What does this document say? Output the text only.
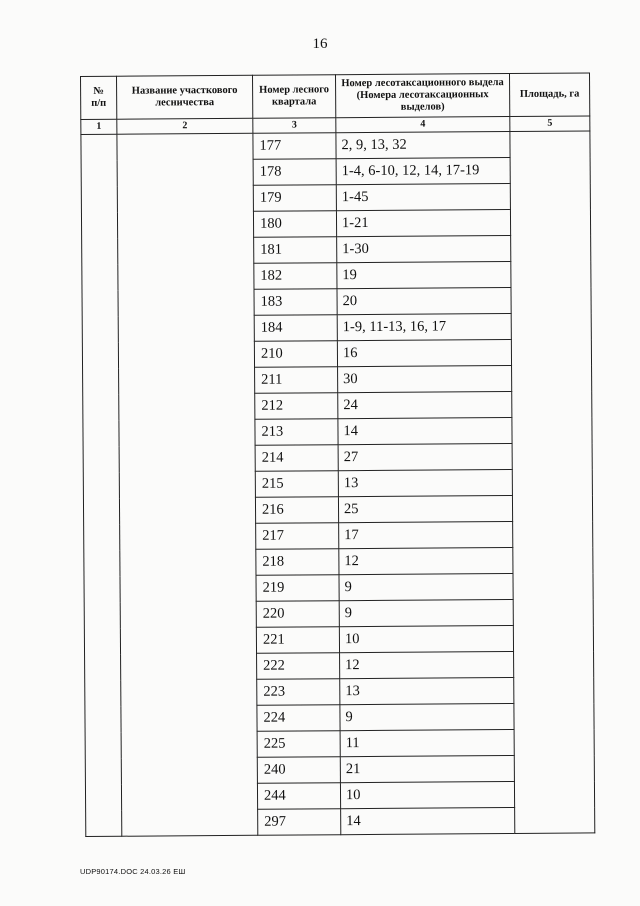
16
№
п/п	Название участкового лесничества	Номер лесного квартала	Номер лесотаксационного выдела (Номера лесотаксационных выделов)	Площадь, га
1	2	3	4	5
		177	2, 9, 13, 32	
		178	1-4, 6-10, 12, 14, 17-19	
		179	1-45	
		180	1-21	
		181	1-30	
		182	19	
		183	20	
		184	1-9, 11-13, 16, 17	
		210	16	
		211	30	
		212	24	
		213	14	
		214	27	
		215	13	
		216	25	
		217	17	
		218	12	
		219	9	
		220	9	
		221	10	
		222	12	
		223	13	
		224	9	
		225	11	
		240	21	
		244	10	
		297	14	
UDP90174.DOC 24.03.26 ЕШ
